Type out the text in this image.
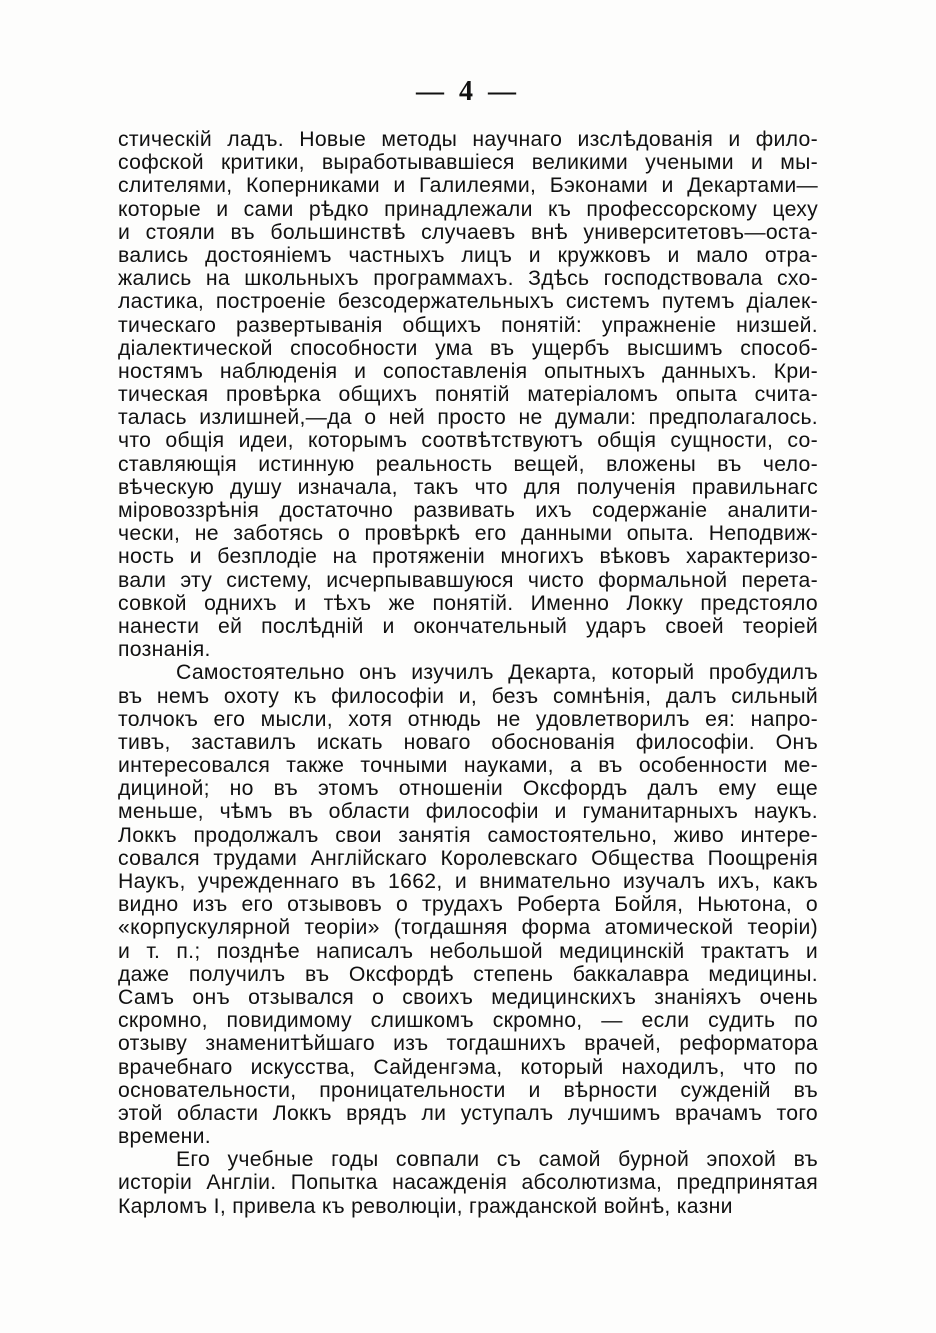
— 4 —
стическій ладъ. Новые методы научнаго изслѣдованія и фило-
софской критики, выработывавшіеся великими учеными и мы-
слителями, Коперниками и Галилеями, Бэконами и Декартами—
которые и сами рѣдко принадлежали къ профессорскому цеху
и стояли въ большинствѣ случаевъ внѣ университетовъ—оста-
вались достояніемъ частныхъ лицъ и кружковъ и мало отра-
жались на школьныхъ программахъ. Здѣсь господствовала схо-
ластика, построеніе безсодержательныхъ системъ путемъ діалек-
тическаго развертыванія общихъ понятій: упражненіе низшей.
діалектической способности ума въ ущербъ высшимъ способ-
ностямъ наблюденія и сопоставленія опытныхъ данныхъ. Кри-
тическая провѣрка общихъ понятій матеріаломъ опыта счита-
талась излишней,—да о ней просто не думали: предполагалось.
что общія идеи, которымъ соотвѣтствуютъ общія сущности, со-
ставляющія истинную реальность вещей, вложены въ чело-
вѣческую душу изначала, такъ что для полученія правильнагс
міровоззрѣнія достаточно развивать ихъ содержаніе аналити-
чески, не заботясь о провѣркѣ его данными опыта. Неподвиж-
ность и безплодіе на протяженіи многихъ вѣковъ характеризо-
вали эту систему, исчерпывавшуюся чисто формальной перета-
совкой однихъ и тѣхъ же понятій. Именно Локку предстояло
нанести ей послѣдній и окончательный ударъ своей теоріей
познанія.
Самостоятельно онъ изучилъ Декарта, который пробудилъ
въ немъ охоту къ философіи и, безъ сомнѣнія, далъ сильный
толчокъ его мысли, хотя отнюдь не удовлетворилъ ея: напро-
тивъ, заставилъ искать новаго обоснованія философіи. Онъ
интересовался также точными науками, а въ особенности ме-
дициной; но въ этомъ отношеніи Оксфордъ далъ ему еще
меньше, чѣмъ въ области философіи и гуманитарныхъ наукъ.
Локкъ продолжалъ свои занятія самостоятельно, живо интере-
совался трудами Англійскаго Королевскаго Общества Поощренія
Наукъ, учрежденнаго въ 1662, и внимательно изучалъ ихъ, какъ
видно изъ его отзывовъ о трудахъ Роберта Бойля, Ньютона, о
«корпускулярной теоріи» (тогдашняя форма атомической теоріи)
и т. п.; позднѣе написалъ небольшой медицинскій трактатъ и
даже получилъ въ Оксфордѣ степень баккалавра медицины.
Самъ онъ отзывался о своихъ медицинскихъ знаніяхъ очень
скромно, повидимому слишкомъ скромно, — если судить по
отзыву знаменитѣйшаго изъ тогдашнихъ врачей, реформатора
врачебнаго искусства, Сайденгэма, который находилъ, что по
основательности, проницательности и вѣрности сужденій въ
этой области Локкъ врядъ ли уступалъ лучшимъ врачамъ того
времени.
Его учебные годы совпали съ самой бурной эпохой въ
исторіи Англіи. Попытка насажденія абсолютизма, предпринятая
Карломъ I, привела къ революціи, гражданской войнѣ, казни
